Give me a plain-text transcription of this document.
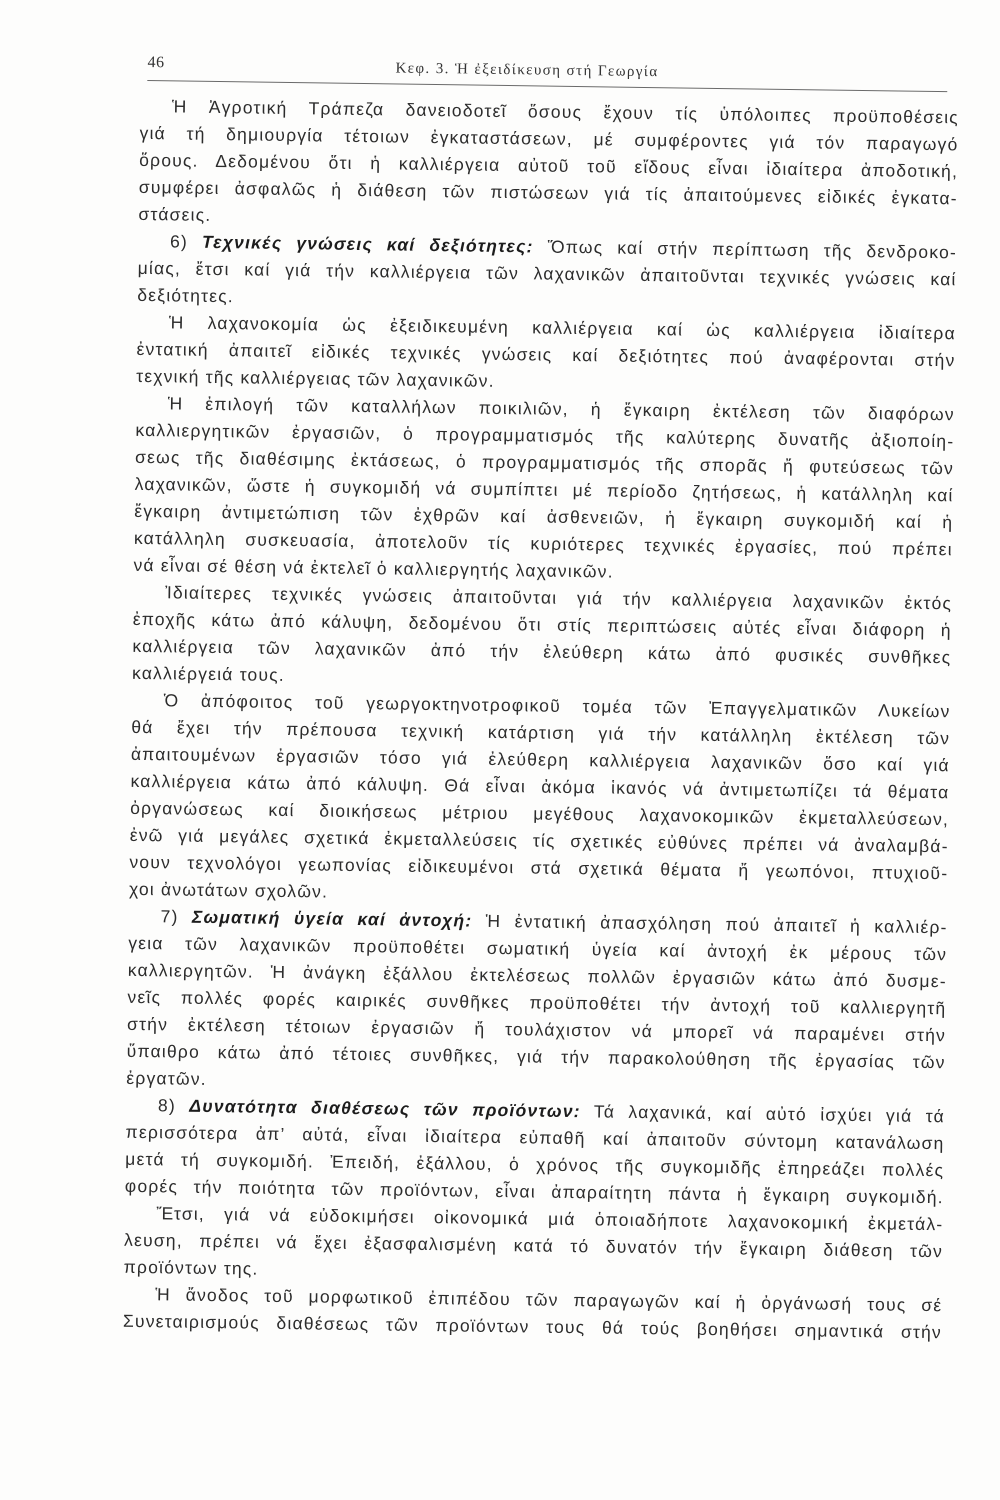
46	Κεφ. 3. Ἡ ἐξειδίκευση στή Γεωργία
Ἡ Ἀγροτική Τράπεζα δανειοδοτεῖ ὅσους ἔχουν τίς ὑπόλοιπες προϋποθέσεις
γιά τή δημιουργία τέτοιων ἐγκαταστάσεων, μέ συμφέροντες γιά τόν παραγωγό
ὅρους. Δεδομένου ὅτι ἡ καλλιέργεια αὐτοῦ τοῦ εἴδους εἶναι ἰδιαίτερα ἀποδοτική,
συμφέρει ἀσφαλῶς ἡ διάθεση τῶν πιστώσεων γιά τίς ἀπαιτούμενες εἰδικές ἐγκατα-
στάσεις.
6) Τεχνικές γνώσεις καί δεξιότητες: Ὅπως καί στήν περίπτωση τῆς δενδροκο-
μίας, ἔτσι καί γιά τήν καλλιέργεια τῶν λαχανικῶν ἀπαιτοῦνται τεχνικές γνώσεις καί
δεξιότητες.
Ἡ λαχανοκομία ὡς ἐξειδικευμένη καλλιέργεια καί ὡς καλλιέργεια ἰδιαίτερα
ἐντατική ἀπαιτεῖ εἰδικές τεχνικές γνώσεις καί δεξιότητες πού ἀναφέρονται στήν
τεχνική τῆς καλλιέργειας τῶν λαχανικῶν.
Ἡ ἐπιλογή τῶν καταλλήλων ποικιλιῶν, ἡ ἔγκαιρη ἐκτέλεση τῶν διαφόρων
καλλιεργητικῶν ἐργασιῶν, ὁ προγραμματισμός τῆς καλύτερης δυνατῆς ἀξιοποίη-
σεως τῆς διαθέσιμης ἐκτάσεως, ὁ προγραμματισμός τῆς σπορᾶς ἤ φυτεύσεως τῶν
λαχανικῶν, ὥστε ἡ συγκομιδή νά συμπίπτει μέ περίοδο ζητήσεως, ἡ κατάλληλη καί
ἔγκαιρη ἀντιμετώπιση τῶν ἐχθρῶν καί ἀσθενειῶν, ἡ ἔγκαιρη συγκομιδή καί ἡ
κατάλληλη συσκευασία, ἀποτελοῦν τίς κυριότερες τεχνικές ἐργασίες, πού πρέπει
νά εἶναι σέ θέση νά ἐκτελεῖ ὁ καλλιεργητής λαχανικῶν.
Ἰδιαίτερες τεχνικές γνώσεις ἀπαιτοῦνται γιά τήν καλλιέργεια λαχανικῶν ἐκτός
ἐποχῆς κάτω ἀπό κάλυψη, δεδομένου ὅτι στίς περιπτώσεις αὐτές εἶναι διάφορη ἡ
καλλιέργεια τῶν λαχανικῶν ἀπό τήν ἐλεύθερη κάτω ἀπό φυσικές συνθῆκες
καλλιέργειά τους.
Ὁ ἀπόφοιτος τοῦ γεωργοκτηνοτροφικοῦ τομέα τῶν Ἐπαγγελματικῶν Λυκείων
θά ἔχει τήν πρέπουσα τεχνική κατάρτιση γιά τήν κατάλληλη ἐκτέλεση τῶν
ἀπαιτουμένων ἐργασιῶν τόσο γιά ἐλεύθερη καλλιέργεια λαχανικῶν ὅσο καί γιά
καλλιέργεια κάτω ἀπό κάλυψη. Θά εἶναι ἀκόμα ἱκανός νά ἀντιμετωπίζει τά θέματα
ὀργανώσεως καί διοικήσεως μέτριου μεγέθους λαχανοκομικῶν ἐκμεταλλεύσεων,
ἐνῶ γιά μεγάλες σχετικά ἐκμεταλλεύσεις τίς σχετικές εὐθύνες πρέπει νά ἀναλαμβά-
νουν τεχνολόγοι γεωπονίας εἰδικευμένοι στά σχετικά θέματα ἤ γεωπόνοι, πτυχιοῦ-
χοι ἀνωτάτων σχολῶν.
7) Σωματική ὑγεία καί ἀντοχή: Ἡ ἐντατική ἀπασχόληση πού ἀπαιτεῖ ἡ καλλιέρ-
γεια τῶν λαχανικῶν προϋποθέτει σωματική ὑγεία καί ἀντοχή ἐκ μέρους τῶν
καλλιεργητῶν. Ἡ ἀνάγκη ἐξάλλου ἐκτελέσεως πολλῶν ἐργασιῶν κάτω ἀπό δυσμε-
νεῖς πολλές φορές καιρικές συνθῆκες προϋποθέτει τήν ἀντοχή τοῦ καλλιεργητῆ
στήν ἐκτέλεση τέτοιων ἐργασιῶν ἤ τουλάχιστον νά μπορεῖ νά παραμένει στήν
ὕπαιθρο κάτω ἀπό τέτοιες συνθῆκες, γιά τήν παρακολούθηση τῆς ἐργασίας τῶν
ἐργατῶν.
8) Δυνατότητα διαθέσεως τῶν προϊόντων: Τά λαχανικά, καί αὐτό ἰσχύει γιά τά
περισσότερα ἀπ’ αὐτά, εἶναι ἰδιαίτερα εὐπαθῆ καί ἀπαιτοῦν σύντομη κατανάλωση
μετά τή συγκομιδή. Ἐπειδή, ἐξάλλου, ὁ χρόνος τῆς συγκομιδῆς ἐπηρεάζει πολλές
φορές τήν ποιότητα τῶν προϊόντων, εἶναι ἀπαραίτητη πάντα ἡ ἔγκαιρη συγκομιδή.
Ἔτσι, γιά νά εὐδοκιμήσει οἰκονομικά μιά ὁποιαδήποτε λαχανοκομική ἐκμετάλ-
λευση, πρέπει νά ἔχει ἐξασφαλισμένη κατά τό δυνατόν τήν ἔγκαιρη διάθεση τῶν
προϊόντων της.
Ἡ ἄνοδος τοῦ μορφωτικοῦ ἐπιπέδου τῶν παραγωγῶν καί ἡ ὀργάνωσή τους σέ
Συνεταιρισμούς διαθέσεως τῶν προϊόντων τους θά τούς βοηθήσει σημαντικά στήν
